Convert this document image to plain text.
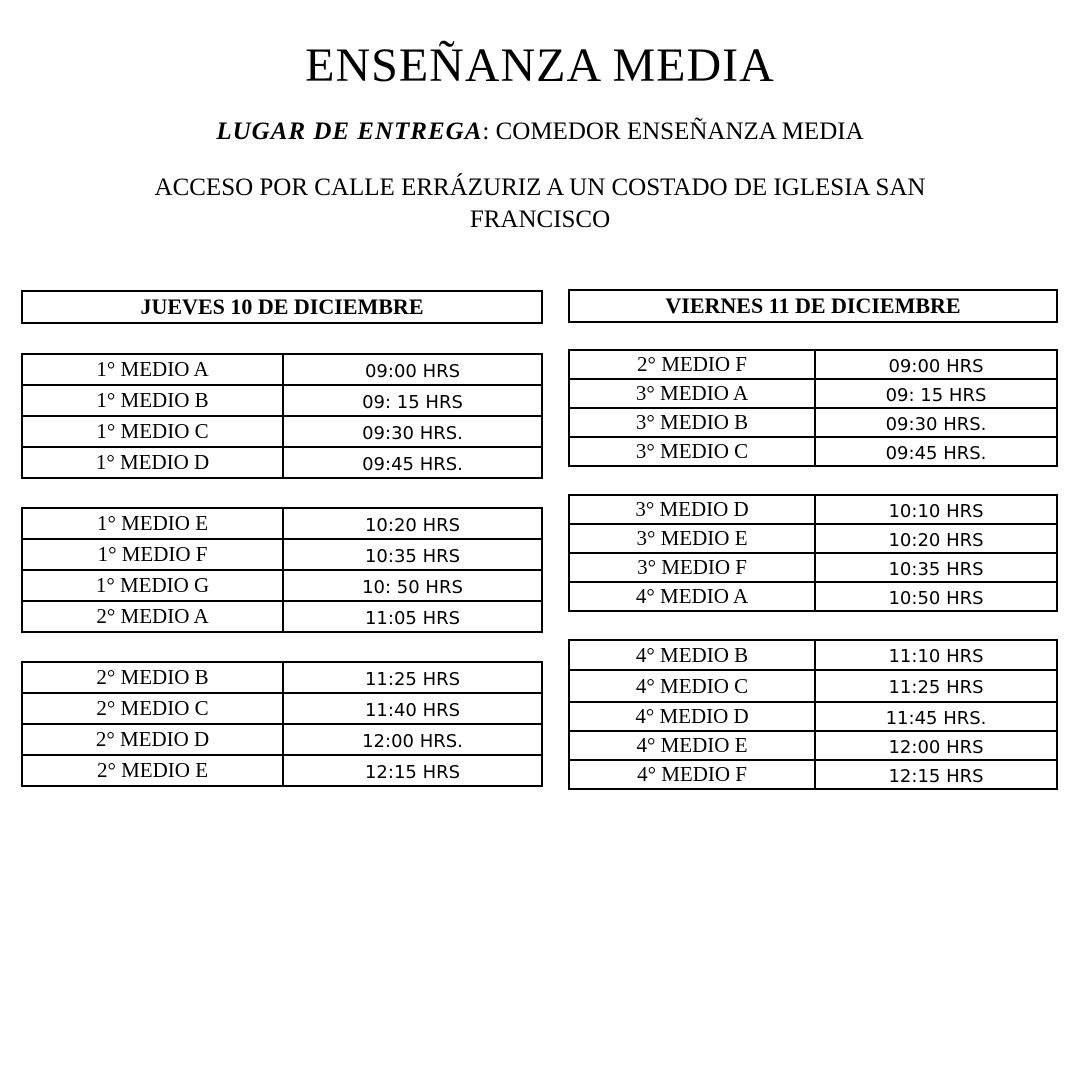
ENSEÑANZA MEDIA
LUGAR DE ENTREGA: COMEDOR ENSEÑANZA MEDIA
ACCESO POR CALLE ERRÁZURIZ A UN COSTADO DE IGLESIA SAN
FRANCISCO
JUEVES 10 DE DICIEMBRE
1° MEDIO A	09:00 HRS
1° MEDIO B	09: 15 HRS
1° MEDIO C	09:30 HRS.
1° MEDIO D	09:45 HRS.
1° MEDIO E	10:20 HRS
1° MEDIO F	10:35 HRS
1° MEDIO G	10: 50 HRS
2° MEDIO A	11:05 HRS
2° MEDIO B	11:25 HRS
2° MEDIO C	11:40 HRS
2° MEDIO D	12:00 HRS.
2° MEDIO E	12:15 HRS
VIERNES 11 DE DICIEMBRE
2° MEDIO F	09:00 HRS
3° MEDIO A	09: 15 HRS
3° MEDIO B	09:30 HRS.
3° MEDIO C	09:45 HRS.
3° MEDIO D	10:10 HRS
3° MEDIO E	10:20 HRS
3° MEDIO F	10:35 HRS
4° MEDIO A	10:50 HRS
4° MEDIO B	11:10 HRS
4° MEDIO C	11:25 HRS
4° MEDIO D	11:45 HRS.
4° MEDIO E	12:00 HRS
4° MEDIO F	12:15 HRS
